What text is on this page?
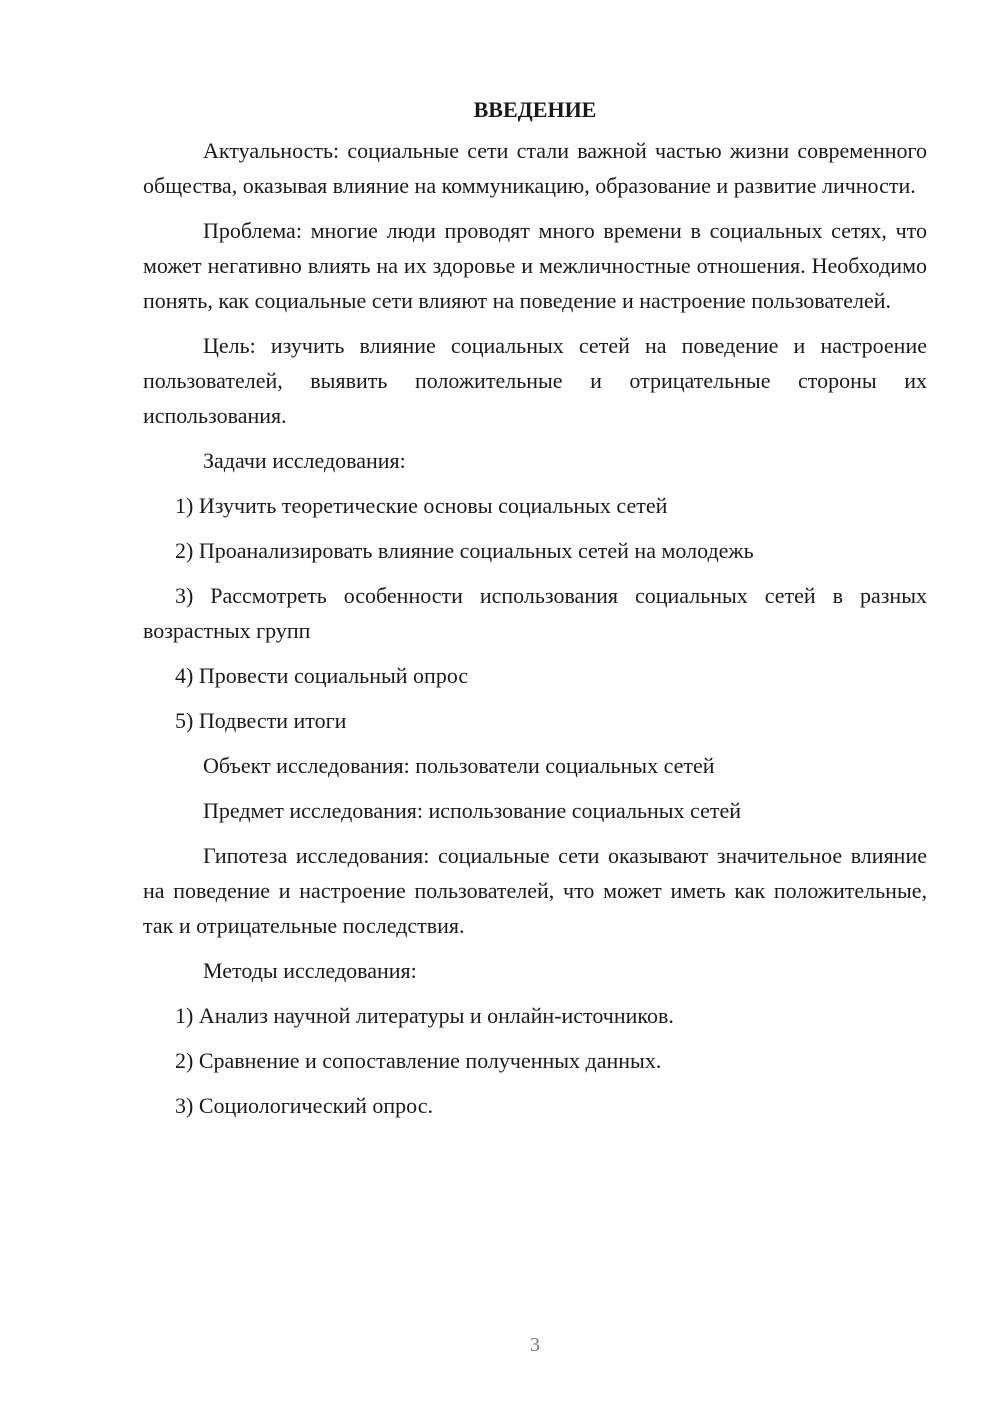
ВВЕДЕНИЕ

Актуальность: социальные сети стали важной частью жизни современного общества, оказывая влияние на коммуникацию, образование и развитие личности.

Проблема: многие люди проводят много времени в социальных сетях, что может негативно влиять на их здоровье и межличностные отношения. Необходимо понять, как социальные сети влияют на поведение и настроение пользователей.

Цель: изучить влияние социальных сетей на поведение и настроение пользователей, выявить положительные и отрицательные стороны их использования.

Задачи исследования:

1) Изучить теоретические основы социальных сетей

2) Проанализировать влияние социальных сетей на молодежь

3) Рассмотреть особенности использования социальных сетей в разных возрастных групп

4) Провести социальный опрос

5) Подвести итоги

Объект исследования: пользователи социальных сетей

Предмет исследования: использование социальных сетей

Гипотеза исследования: социальные сети оказывают значительное влияние на поведение и настроение пользователей, что может иметь как положительные, так и отрицательные последствия.

Методы исследования:

1) Анализ научной литературы и онлайн-источников.

2) Сравнение и сопоставление полученных данных.

3) Социологический опрос.

3
